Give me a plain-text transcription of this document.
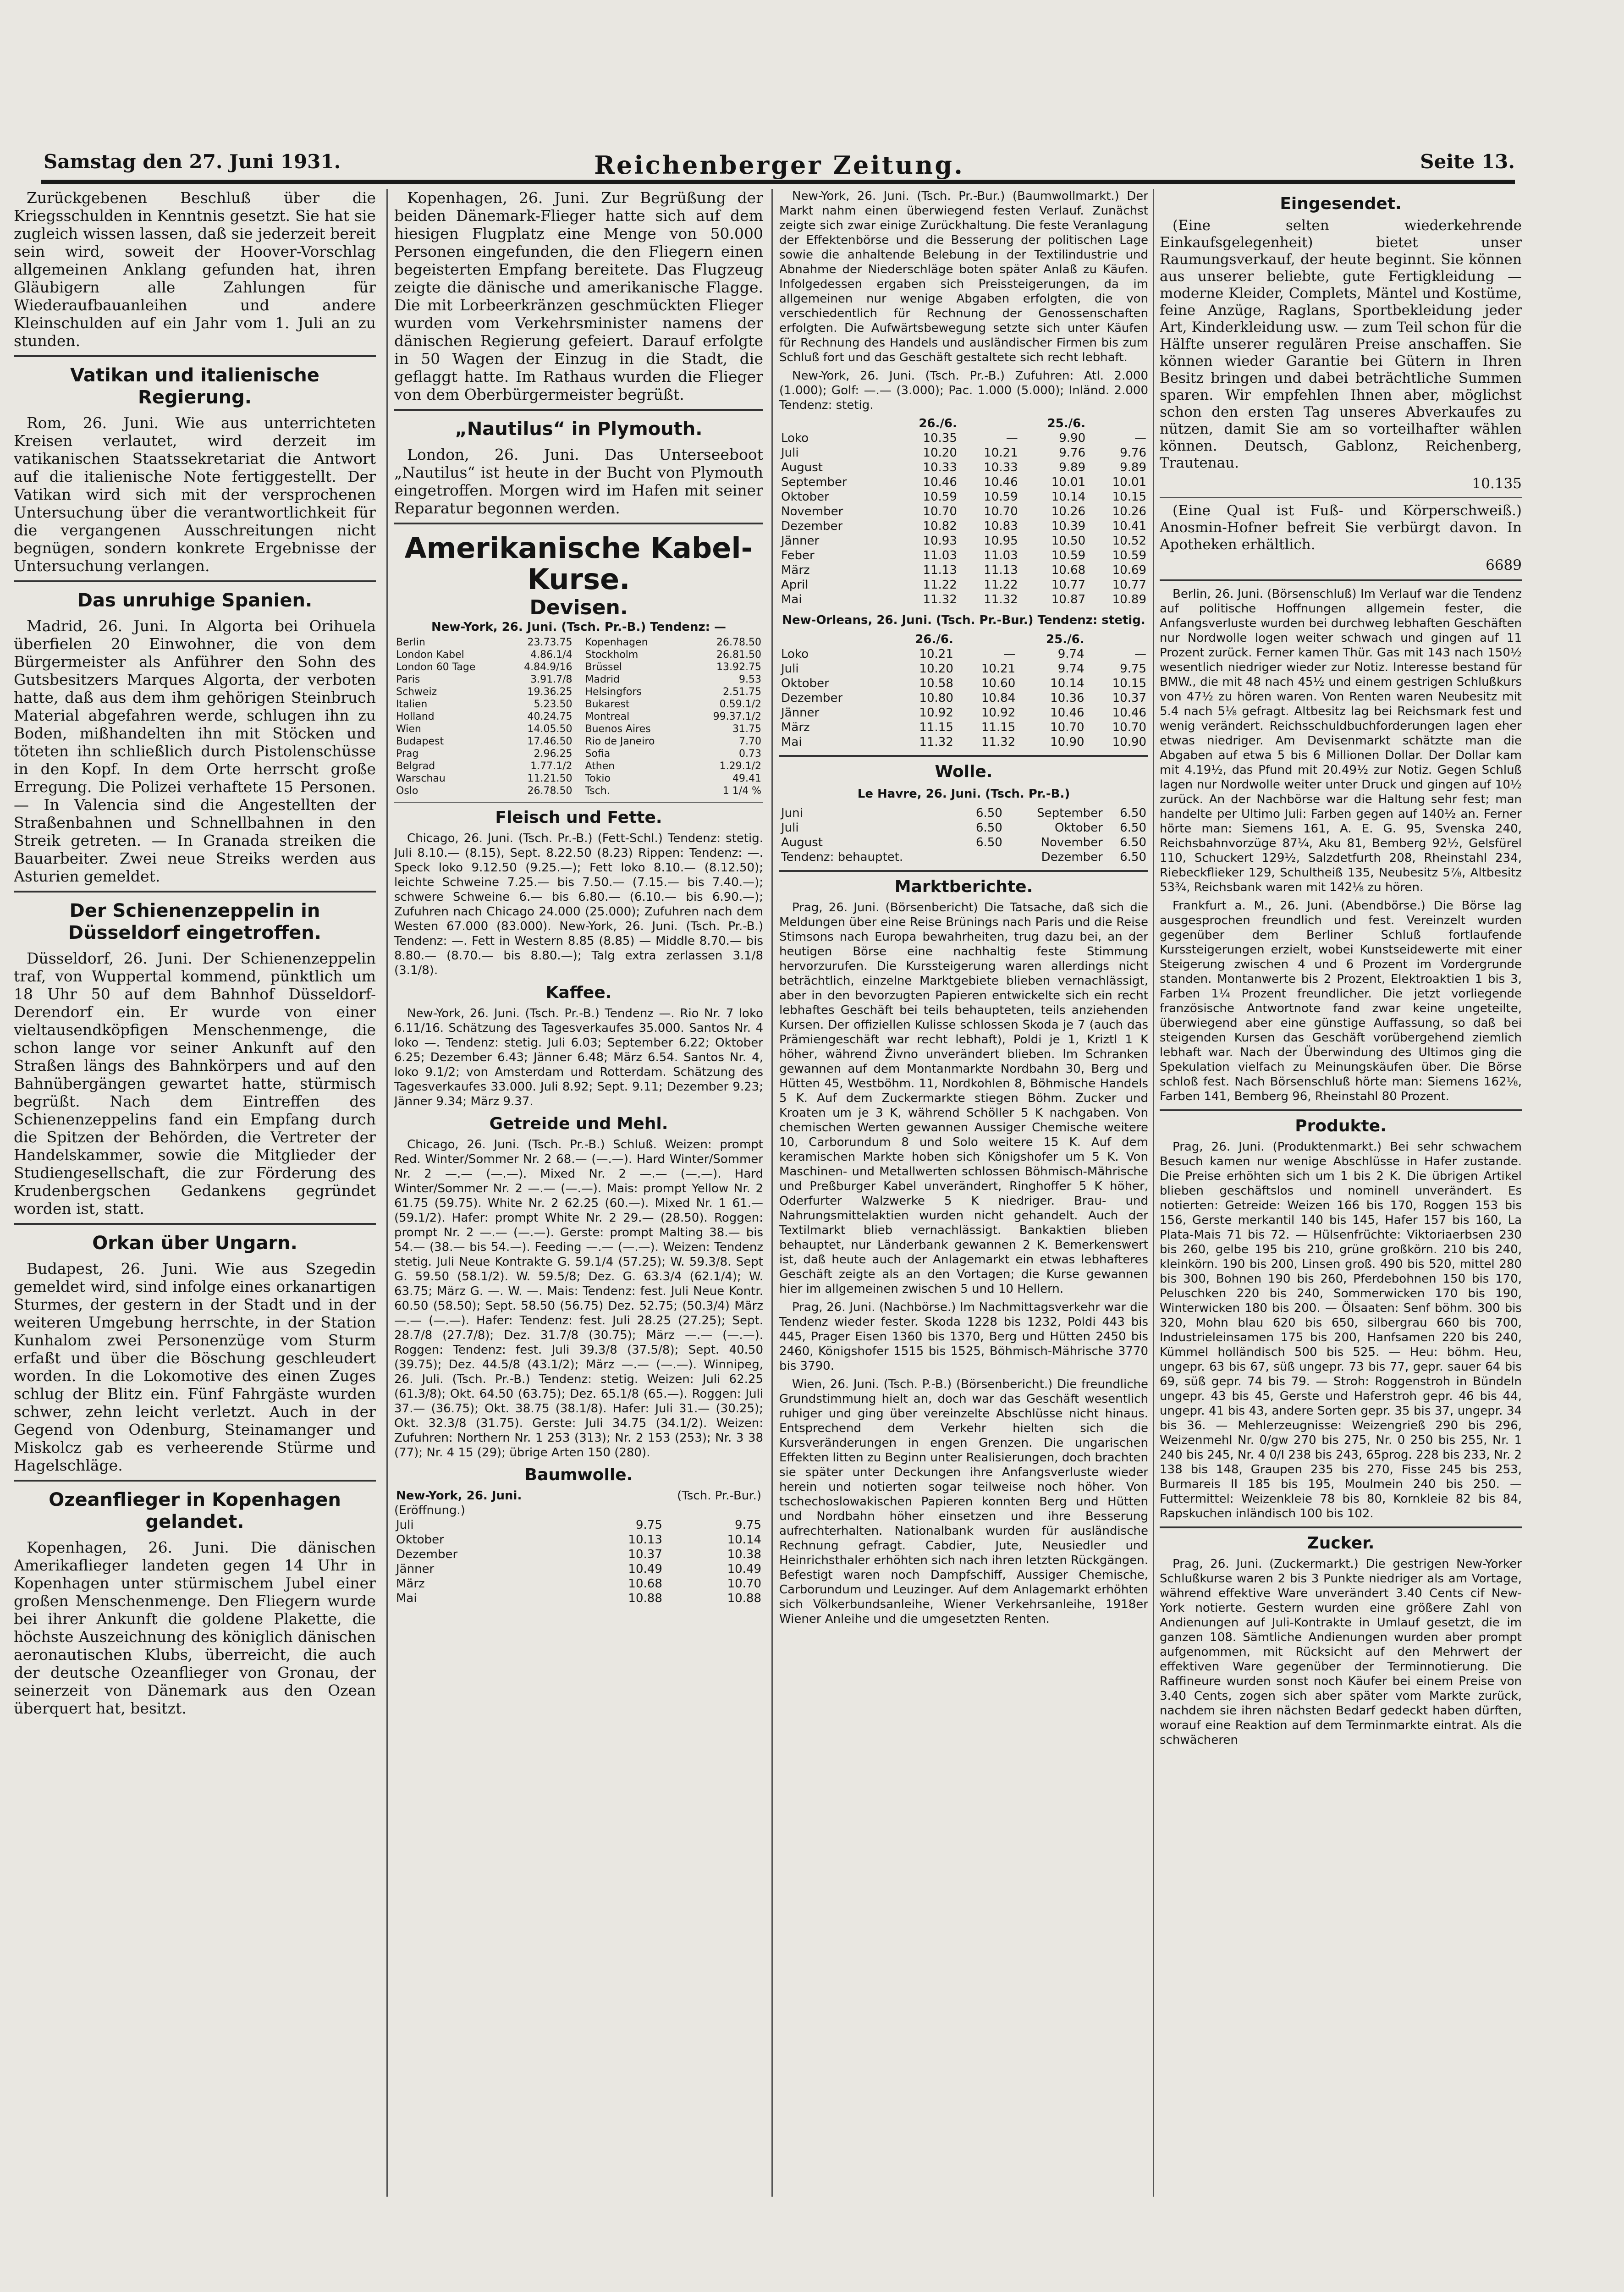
Samstag den 27. Juni 1931.	Reichenberger Zeitung.	Seite 13.

Zurückgebenen Beschluß über die Kriegsschulden in Kenntnis gesetzt. Sie hat sie zugleich wissen lassen, daß sie jederzeit bereit sein wird, soweit der Hoover-Vorschlag allgemeinen Anklang gefunden hat, ihren Gläubigern alle Zahlungen für Wiederaufbauanleihen und andere Kleinschulden auf ein Jahr vom 1. Juli an zu stunden.

Vatikan und italienische Regierung.

Rom, 26. Juni. Wie aus unterrichteten Kreisen verlautet, wird derzeit im vatikanischen Staatssekretariat die Antwort auf die italienische Note fertiggestellt. Der Vatikan wird sich mit der versprochenen Untersuchung über die verantwortlichkeit für die vergangenen Ausschreitungen nicht begnügen, sondern konkrete Ergebnisse der Untersuchung verlangen.

Das unruhige Spanien.

Madrid, 26. Juni. In Algorta bei Orihuela überfielen 20 Einwohner, die von dem Bürgermeister als Anführer den Sohn des Gutsbesitzers Marques Algorta, der verboten hatte, daß aus dem ihm gehörigen Steinbruch Material abgefahren werde, schlugen ihn zu Boden, mißhandelten ihn mit Stöcken und töteten ihn schließlich durch Pistolenschüsse in den Kopf. In dem Orte herrscht große Erregung. Die Polizei verhaftete 15 Personen. — In Valencia sind die Angestellten der Straßenbahnen und Schnellbahnen in den Streik getreten. — In Granada streiken die Bauarbeiter. Zwei neue Streiks werden aus Asturien gemeldet.

Der Schienenzeppelin in Düsseldorf eingetroffen.

Düsseldorf, 26. Juni. Der Schienenzeppelin traf, von Wuppertal kommend, pünktlich um 18 Uhr 50 auf dem Bahnhof Düsseldorf-Derendorf ein. Er wurde von einer vieltausendköpfigen Menschenmenge, die schon lange vor seiner Ankunft auf den Straßen längs des Bahnkörpers und auf den Bahnübergängen gewartet hatte, stürmisch begrüßt. Nach dem Eintreffen des Schienenzeppelins fand ein Empfang durch die Spitzen der Behörden, die Vertreter der Handelskammer, sowie die Mitglieder der Studiengesellschaft, die zur Förderung des Krudenbergschen Gedankens gegründet worden ist, statt.

Orkan über Ungarn.

Budapest, 26. Juni. Wie aus Szegedin gemeldet wird, sind infolge eines orkanartigen Sturmes, der gestern in der Stadt und in der weiteren Umgebung herrschte, in der Station Kunhalom zwei Personenzüge vom Sturm erfaßt und über die Böschung geschleudert worden. In die Lokomotive des einen Zuges schlug der Blitz ein. Fünf Fahrgäste wurden schwer, zehn leicht verletzt. Auch in der Gegend von Odenburg, Steinamanger und Miskolcz gab es verheerende Stürme und Hagelschläge.

Ozeanflieger in Kopenhagen gelandet.

Kopenhagen, 26. Juni. Die dänischen Amerikaflieger landeten gegen 14 Uhr in Kopenhagen unter stürmischem Jubel einer großen Menschenmenge. Den Fliegern wurde bei ihrer Ankunft die goldene Plakette, die höchste Auszeichnung des königlich dänischen aeronautischen Klubs, überreicht, die auch der deutsche Ozeanflieger von Gronau, der seinerzeit von Dänemark aus den Ozean überquert hat, besitzt.

Kopenhagen, 26. Juni. Zur Begrüßung der beiden Dänemark-Flieger hatte sich auf dem hiesigen Flugplatz eine Menge von 50.000 Personen eingefunden, die den Fliegern einen begeisterten Empfang bereitete. Das Flugzeug zeigte die dänische und amerikanische Flagge. Die mit Lorbeerkränzen geschmückten Flieger wurden vom Verkehrsminister namens der dänischen Regierung gefeiert. Darauf erfolgte in 50 Wagen der Einzug in die Stadt, die geflaggt hatte. Im Rathaus wurden die Flieger von dem Oberbürgermeister begrüßt.

„Nautilus“ in Plymouth.

London, 26. Juni. Das Unterseeboot „Nautilus“ ist heute in der Bucht von Plymouth eingetroffen. Morgen wird im Hafen mit seiner Reparatur begonnen werden.

Amerikanische Kabel-Kurse.
Devisen.
New-York, 26. Juni. (Tsch. Pr.-B.) Tendenz: —
Berlin	23.73.75
London Kabel	4.86.1/4
London 60 Tage	4.84.9/16
Paris	3.91.7/8
Schweiz	19.36.25
Italien	5.23.50
Holland	40.24.75
Wien	14.05.50
Budapest	17.46.50
Prag	2.96.25
Belgrad	1.77.1/2
Warschau	11.21.50
Oslo	26.78.50
Kopenhagen	26.78.50
Stockholm	26.81.50
Brüssel	13.92.75
Madrid	9.53
Helsingfors	2.51.75
Bukarest	0.59.1/2
Montreal	99.37.1/2
Buenos Aires	31.75
Rio de Janeiro	7.70
Sofia	0.73
Athen	1.29.1/2
Tokio	49.41
Tsch.	1 1/4 %
Fleisch und Fette.

Chicago, 26. Juni. (Tsch. Pr.-B.) (Fett-Schl.) Tendenz: stetig. Juli 8.10.— (8.15), Sept. 8.22.50 (8.23) Rippen: Tendenz: —. Speck loko 9.12.50 (9.25.—); Fett loko 8.10.— (8.12.50); leichte Schweine 7.25.— bis 7.50.— (7.15.— bis 7.40.—); schwere Schweine 6.— bis 6.80.— (6.10.— bis 6.90.—); Zufuhren nach Chicago 24.000 (25.000); Zufuhren nach dem Westen 67.000 (83.000). New-York, 26. Juni. (Tsch. Pr.-B.) Tendenz: —. Fett in Western 8.85 (8.85) — Middle 8.70.— bis 8.80.— (8.70.— bis 8.80.—); Talg extra zerlassen 3.1/8 (3.1/8).

Kaffee.

New-York, 26. Juni. (Tsch. Pr.-B.) Tendenz —. Rio Nr. 7 loko 6.11/16. Schätzung des Tagesverkaufes 35.000. Santos Nr. 4 loko —. Tendenz: stetig. Juli 6.03; September 6.22; Oktober 6.25; Dezember 6.43; Jänner 6.48; März 6.54. Santos Nr. 4, loko 9.1/2; von Amsterdam und Rotterdam. Schätzung des Tagesverkaufes 33.000. Juli 8.92; Sept. 9.11; Dezember 9.23; Jänner 9.34; März 9.37.

Getreide und Mehl.

Chicago, 26. Juni. (Tsch. Pr.-B.) Schluß. Weizen: prompt Red. Winter/Sommer Nr. 2 68.— (—.—). Hard Winter/Sommer Nr. 2 —.— (—.—). Mixed Nr. 2 —.— (—.—). Hard Winter/Sommer Nr. 2 —.— (—.—). Mais: prompt Yellow Nr. 2 61.75 (59.75). White Nr. 2 62.25 (60.—). Mixed Nr. 1 61.— (59.1/2). Hafer: prompt White Nr. 2 29.— (28.50). Roggen: prompt Nr. 2 —.— (—.—). Gerste: prompt Malting 38.— bis 54.— (38.— bis 54.—). Feeding —.— (—.—). Weizen: Tendenz stetig. Juli Neue Kontrakte G. 59.1/4 (57.25); W. 59.3/8. Sept G. 59.50 (58.1/2). W. 59.5/8; Dez. G. 63.3/4 (62.1/4); W. 63.75; März G. —. W. —. Mais: Tendenz: fest. Juli Neue Kontr. 60.50 (58.50); Sept. 58.50 (56.75) Dez. 52.75; (50.3/4) März —.— (—.—). Hafer: Tendenz: fest. Juli 28.25 (27.25); Sept. 28.7/8 (27.7/8); Dez. 31.7/8 (30.75); März —.— (—.—). Roggen: Tendenz: fest. Juli 39.3/8 (37.5/8); Sept. 40.50 (39.75); Dez. 44.5/8 (43.1/2); März —.— (—.—). Winnipeg, 26. Juli. (Tsch. Pr.-B.) Tendenz: stetig. Weizen: Juli 62.25 (61.3/8); Okt. 64.50 (63.75); Dez. 65.1/8 (65.—). Roggen: Juli 37.— (36.75); Okt. 38.75 (38.1/8). Hafer: Juli 31.— (30.25); Okt. 32.3/8 (31.75). Gerste: Juli 34.75 (34.1/2). Weizen: Zufuhren: Northern Nr. 1 253 (313); Nr. 2 153 (253); Nr. 3 38 (77); Nr. 4 15 (29); übrige Arten 150 (280).

Baumwolle.
New-York, 26. Juni.	(Tsch. Pr.-Bur.)
(Eröffnung.)
Juli	9.75	9.75
Oktober	10.13	10.14
Dezember	10.37	10.38
Jänner	10.49	10.49
März	10.68	10.70
Mai	10.88	10.88

New-York, 26. Juni. (Tsch. Pr.-Bur.) (Baumwollmarkt.) Der Markt nahm einen überwiegend festen Verlauf. Zunächst zeigte sich zwar einige Zurückhaltung. Die feste Veranlagung der Effektenbörse und die Besserung der politischen Lage sowie die anhaltende Belebung in der Textilindustrie und Abnahme der Niederschläge boten später Anlaß zu Käufen. Infolgedessen ergaben sich Preissteigerungen, da im allgemeinen nur wenige Abgaben erfolgten, die von verschiedentlich für Rechnung der Genossenschaften erfolgten. Die Aufwärtsbewegung setzte sich unter Käufen für Rechnung des Handels und ausländischer Firmen bis zum Schluß fort und das Geschäft gestaltete sich recht lebhaft.

New-York, 26. Juni. (Tsch. Pr.-B.) Zufuhren: Atl. 2.000 (1.000); Golf: —.— (3.000); Pac. 1.000 (5.000); Inländ. 2.000 Tendenz: stetig.

	26./6.		25./6.	
Loko	10.35	—	9.90	—
Juli	10.20	10.21	9.76	9.76
August	10.33	10.33	9.89	9.89
September	10.46	10.46	10.01	10.01
Oktober	10.59	10.59	10.14	10.15
November	10.70	10.70	10.26	10.26
Dezember	10.82	10.83	10.39	10.41
Jänner	10.93	10.95	10.50	10.52
Feber	11.03	11.03	10.59	10.59
März	11.13	11.13	10.68	10.69
April	11.22	11.22	10.77	10.77
Mai	11.32	11.32	10.87	10.89
New-Orleans, 26. Juni. (Tsch. Pr.-Bur.) Tendenz: stetig.
	26./6.		25./6.	
Loko	10.21	—	9.74	—
Juli	10.20	10.21	9.74	9.75
Oktober	10.58	10.60	10.14	10.15
Dezember	10.80	10.84	10.36	10.37
Jänner	10.92	10.92	10.46	10.46
März	11.15	11.15	10.70	10.70
Mai	11.32	11.32	10.90	10.90
Wolle.
Le Havre, 26. Juni. (Tsch. Pr.-B.)
Juni	6.50	September	6.50
Juli	6.50	Oktober	6.50
August	6.50	November	6.50
Tendenz: behauptet.		Dezember	6.50
Marktberichte.

Prag, 26. Juni. (Börsenbericht) Die Tatsache, daß sich die Meldungen über eine Reise Brünings nach Paris und die Reise Stimsons nach Europa bewahrheiten, trug dazu bei, an der heutigen Börse eine nachhaltig feste Stimmung hervorzurufen. Die Kurssteigerung waren allerdings nicht beträchtlich, einzelne Marktgebiete blieben vernachlässigt, aber in den bevorzugten Papieren entwickelte sich ein recht lebhaftes Geschäft bei teils behaupteten, teils anziehenden Kursen. Der offiziellen Kulisse schlossen Skoda je 7 (auch das Prämiengeschäft war recht lebhaft), Poldi je 1, Kriztl 1 K höher, während Živno unverändert blieben. Im Schranken gewannen auf dem Montanmarkte Nordbahn 30, Berg und Hütten 45, Westböhm. 11, Nordkohlen 8, Böhmische Handels 5 K. Auf dem Zuckermarkte stiegen Böhm. Zucker und Kroaten um je 3 K, während Schöller 5 K nachgaben. Von chemischen Werten gewannen Aussiger Chemische weitere 10, Carborundum 8 und Solo weitere 15 K. Auf dem keramischen Markte hoben sich Königshofer um 5 K. Von Maschinen- und Metallwerten schlossen Böhmisch-Mährische und Preßburger Kabel unverändert, Ringhoffer 5 K höher, Oderfurter Walzwerke 5 K niedriger. Brau- und Nahrungsmittelaktien wurden nicht gehandelt. Auch der Textilmarkt blieb vernachlässigt. Bankaktien blieben behauptet, nur Länderbank gewannen 2 K. Bemerkenswert ist, daß heute auch der Anlagemarkt ein etwas lebhafteres Geschäft zeigte als an den Vortagen; die Kurse gewannen hier im allgemeinen zwischen 5 und 10 Hellern.

Prag, 26. Juni. (Nachbörse.) Im Nachmittagsverkehr war die Tendenz wieder fester. Skoda 1228 bis 1232, Poldi 443 bis 445, Prager Eisen 1360 bis 1370, Berg und Hütten 2450 bis 2460, Königshofer 1515 bis 1525, Böhmisch-Mährische 3770 bis 3790.

Wien, 26. Juni. (Tsch. P.-B.) (Börsenbericht.) Die freundliche Grundstimmung hielt an, doch war das Geschäft wesentlich ruhiger und ging über vereinzelte Abschlüsse nicht hinaus. Entsprechend dem Verkehr hielten sich die Kursveränderungen in engen Grenzen. Die ungarischen Effekten litten zu Beginn unter Realisierungen, doch brachten sie später unter Deckungen ihre Anfangsverluste wieder herein und notierten sogar teilweise noch höher. Von tschechoslowakischen Papieren konnten Berg und Hütten und Nordbahn höher einsetzen und ihre Besserung aufrechterhalten. Nationalbank wurden für ausländische Rechnung gefragt. Cabdier, Jute, Neusiedler und Heinrichsthaler erhöhten sich nach ihren letzten Rückgängen. Befestigt waren noch Dampfschiff, Aussiger Chemische, Carborundum und Leuzinger. Auf dem Anlagemarkt erhöhten sich Völkerbundsanleihe, Wiener Verkehrsanleihe, 1918er Wiener Anleihe und die umgesetzten Renten.

Eingesendet.

(Eine selten wiederkehrende Einkaufsgelegenheit) bietet unser Raumungsverkauf, der heute beginnt. Sie können aus unserer beliebte, gute Fertigkleidung — moderne Kleider, Complets, Mäntel und Kostüme, feine Anzüge, Raglans, Sportbekleidung jeder Art, Kinderkleidung usw. — zum Teil schon für die Hälfte unserer regulären Preise anschaffen. Sie können wieder Garantie bei Gütern in Ihren Besitz bringen und dabei beträchtliche Summen sparen. Wir empfehlen Ihnen aber, möglichst schon den ersten Tag unseres Abverkaufes zu nützen, damit Sie am so vorteilhafter wählen können. Deutsch, Gablonz, Reichenberg, Trautenau.

10.135

(Eine Qual ist Fuß- und Körperschweiß.) Anosmin-Hofner befreit Sie verbürgt davon. In Apotheken erhältlich.

6689

Berlin, 26. Juni. (Börsenschluß) Im Verlauf war die Tendenz auf politische Hoffnungen allgemein fester, die Anfangsverluste wurden bei durchweg lebhaften Geschäften nur Nordwolle logen weiter schwach und gingen auf 11 Prozent zurück. Ferner kamen Thür. Gas mit 143 nach 150½ wesentlich niedriger wieder zur Notiz. Interesse bestand für BMW., die mit 48 nach 45½ und einem gestrigen Schlußkurs von 47½ zu hören waren. Von Renten waren Neubesitz mit 5.4 nach 5⅛ gefragt. Altbesitz lag bei Reichsmark fest und wenig verändert. Reichsschuldbuchforderungen lagen eher etwas niedriger. Am Devisenmarkt schätzte man die Abgaben auf etwa 5 bis 6 Millionen Dollar. Der Dollar kam mit 4.19½, das Pfund mit 20.49½ zur Notiz. Gegen Schluß lagen nur Nordwolle weiter unter Druck und gingen auf 10½ zurück. An der Nachbörse war die Haltung sehr fest; man handelte per Ultimo Juli: Farben gegen auf 140½ an. Ferner hörte man: Siemens 161, A. E. G. 95, Svenska 240, Reichsbahnvorzüge 87¼, Aku 81, Bemberg 92½, Gelsfürel 110, Schuckert 129½, Salzdetfurth 208, Rheinstahl 234, Riebeckflieker 129, Schultheiß 135, Neubesitz 5⅞, Altbesitz 53¾, Reichsbank waren mit 142⅛ zu hören.

Frankfurt a. M., 26. Juni. (Abendbörse.) Die Börse lag ausgesprochen freundlich und fest. Vereinzelt wurden gegenüber dem Berliner Schluß fortlaufende Kurssteigerungen erzielt, wobei Kunstseidewerte mit einer Steigerung zwischen 4 und 6 Prozent im Vordergrunde standen. Montanwerte bis 2 Prozent, Elektroaktien 1 bis 3, Farben 1¼ Prozent freundlicher. Die jetzt vorliegende französische Antwortnote fand zwar keine ungeteilte, überwiegend aber eine günstige Auffassung, so daß bei steigenden Kursen das Geschäft vorübergehend ziemlich lebhaft war. Nach der Überwindung des Ultimos ging die Spekulation vielfach zu Meinungskäufen über. Die Börse schloß fest. Nach Börsenschluß hörte man: Siemens 162⅛, Farben 141, Bemberg 96, Rheinstahl 80 Prozent.

Produkte.

Prag, 26. Juni. (Produktenmarkt.) Bei sehr schwachem Besuch kamen nur wenige Abschlüsse in Hafer zustande. Die Preise erhöhten sich um 1 bis 2 K. Die übrigen Artikel blieben geschäftslos und nominell unverändert. Es notierten: Getreide: Weizen 166 bis 170, Roggen 153 bis 156, Gerste merkantil 140 bis 145, Hafer 157 bis 160, La Plata-Mais 71 bis 72. — Hülsenfrüchte: Viktoriaerbsen 230 bis 260, gelbe 195 bis 210, grüne großkörn. 210 bis 240, kleinkörn. 190 bis 200, Linsen groß. 490 bis 520, mittel 280 bis 300, Bohnen 190 bis 260, Pferdebohnen 150 bis 170, Peluschken 220 bis 240, Sommerwicken 170 bis 190, Winterwicken 180 bis 200. — Ölsaaten: Senf böhm. 300 bis 320, Mohn blau 620 bis 650, silbergrau 660 bis 700, Industrieleinsamen 175 bis 200, Hanfsamen 220 bis 240, Kümmel holländisch 500 bis 525. — Heu: böhm. Heu, ungepr. 63 bis 67, süß ungepr. 73 bis 77, gepr. sauer 64 bis 69, süß gepr. 74 bis 79. — Stroh: Roggenstroh in Bündeln ungepr. 43 bis 45, Gerste und Haferstroh gepr. 46 bis 44, ungepr. 41 bis 43, andere Sorten gepr. 35 bis 37, ungepr. 34 bis 36. — Mehlerzeugnisse: Weizengrieß 290 bis 296, Weizenmehl Nr. 0/gw 270 bis 275, Nr. 0 250 bis 255, Nr. 1 240 bis 245, Nr. 4 0/I 238 bis 243, 65prog. 228 bis 233, Nr. 2 138 bis 148, Graupen 235 bis 270, Fisse 245 bis 253, Burmareis II 185 bis 195, Moulmein 240 bis 250. — Futtermittel: Weizenkleie 78 bis 80, Kornkleie 82 bis 84, Rapskuchen inländisch 100 bis 102.

Zucker.

Prag, 26. Juni. (Zuckermarkt.) Die gestrigen New-Yorker Schlußkurse waren 2 bis 3 Punkte niedriger als am Vortage, während effektive Ware unverändert 3.40 Cents cif New-York notierte. Gestern wurden eine größere Zahl von Andienungen auf Juli-Kontrakte in Umlauf gesetzt, die im ganzen 108. Sämtliche Andienungen wurden aber prompt aufgenommen, mit Rücksicht auf den Mehrwert der effektiven Ware gegenüber der Terminnotierung. Die Raffineure wurden sonst noch Käufer bei einem Preise von 3.40 Cents, zogen sich aber später vom Markte zurück, nachdem sie ihren nächsten Bedarf gedeckt haben dürften, worauf eine Reaktion auf dem Terminmarkte eintrat. Als die schwächeren
